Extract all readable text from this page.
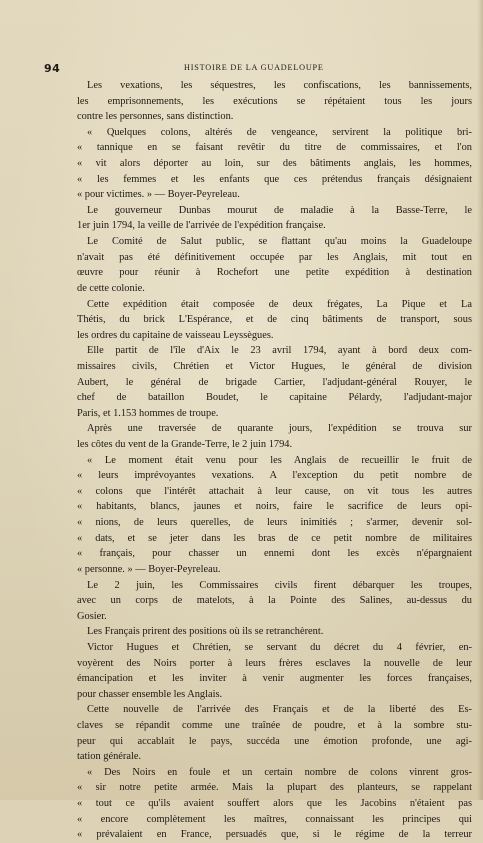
94	HISTOIRE DE LA GUADELOUPE
Les vexations, les séquestres, les confiscations, les bannissements,
les emprisonnements, les exécutions se répétaient tous les jours
contre les personnes, sans distinction.
« Quelques colons, altérés de vengeance, servirent la politique bri-
« tannique en se faisant revêtir du titre de commissaires, et l'on
« vit alors déporter au loin, sur des bâtiments anglais, les hommes,
« les femmes et les enfants que ces prétendus français désignaient
« pour victimes. » — Boyer-Peyreleau.
Le gouverneur Dunbas mourut de maladie à la Basse-Terre, le
1er juin 1794, la veille de l'arrivée de l'expédition française.
Le Comité de Salut public, se flattant qu'au moins la Guadeloupe
n'avait pas été définitivement occupée par les Anglais, mit tout en
œuvre pour réunir à Rochefort une petite expédition à destination
de cette colonie.
Cette expédition était composée de deux frégates, La Pique et La
Thétis, du brick L'Espérance, et de cinq bâtiments de transport, sous
les ordres du capitaine de vaisseau Leyssègues.
Elle partit de l'île d'Aix le 23 avril 1794, ayant à bord deux com-
missaires civils, Chrétien et Victor Hugues, le général de division
Aubert, le général de brigade Cartier, l'adjudant-général Rouyer, le
chef de bataillon Boudet, le capitaine Pélardy, l'adjudant-major
Paris, et 1.153 hommes de troupe.
Après une traversée de quarante jours, l'expédition se trouva sur
les côtes du vent de la Grande-Terre, le 2 juin 1794.
« Le moment était venu pour les Anglais de recueillir le fruit de
« leurs imprévoyantes vexations. A l'exception du petit nombre de
« colons que l'intérêt attachait à leur cause, on vit tous les autres
« habitants, blancs, jaunes et noirs, faire le sacrifice de leurs opi-
« nions, de leurs querelles, de leurs inimitiés ; s'armer, devenir sol-
« dats, et se jeter dans les bras de ce petit nombre de militaires
« français, pour chasser un ennemi dont les excès n'épargnaient
« personne. » — Boyer-Peyreleau.
Le 2 juin, les Commissaires civils firent débarquer les troupes,
avec un corps de matelots, à la Pointe des Salines, au-dessus du
Gosier.
Les Français prirent des positions où ils se retranchèrent.
Victor Hugues et Chrétien, se servant du décret du 4 février, en-
voyèrent des Noirs porter à leurs frères esclaves la nouvelle de leur
émancipation et les inviter à venir augmenter les forces françaises,
pour chasser ensemble les Anglais.
Cette nouvelle de l'arrivée des Français et de la liberté des Es-
claves se répandit comme une traînée de poudre, et à la sombre stu-
peur qui accablait le pays, succéda une émotion profonde, une agi-
tation générale.
« Des Noirs en foule et un certain nombre de colons vinrent gros-
« sir notre petite armée. Mais la plupart des planteurs, se rappelant
« tout ce qu'ils avaient souffert alors que les Jacobins n'étaient pas
« encore complètement les maîtres, connaissant les principes qui
« prévalaient en France, persuadés que, si le régime de la terreur
